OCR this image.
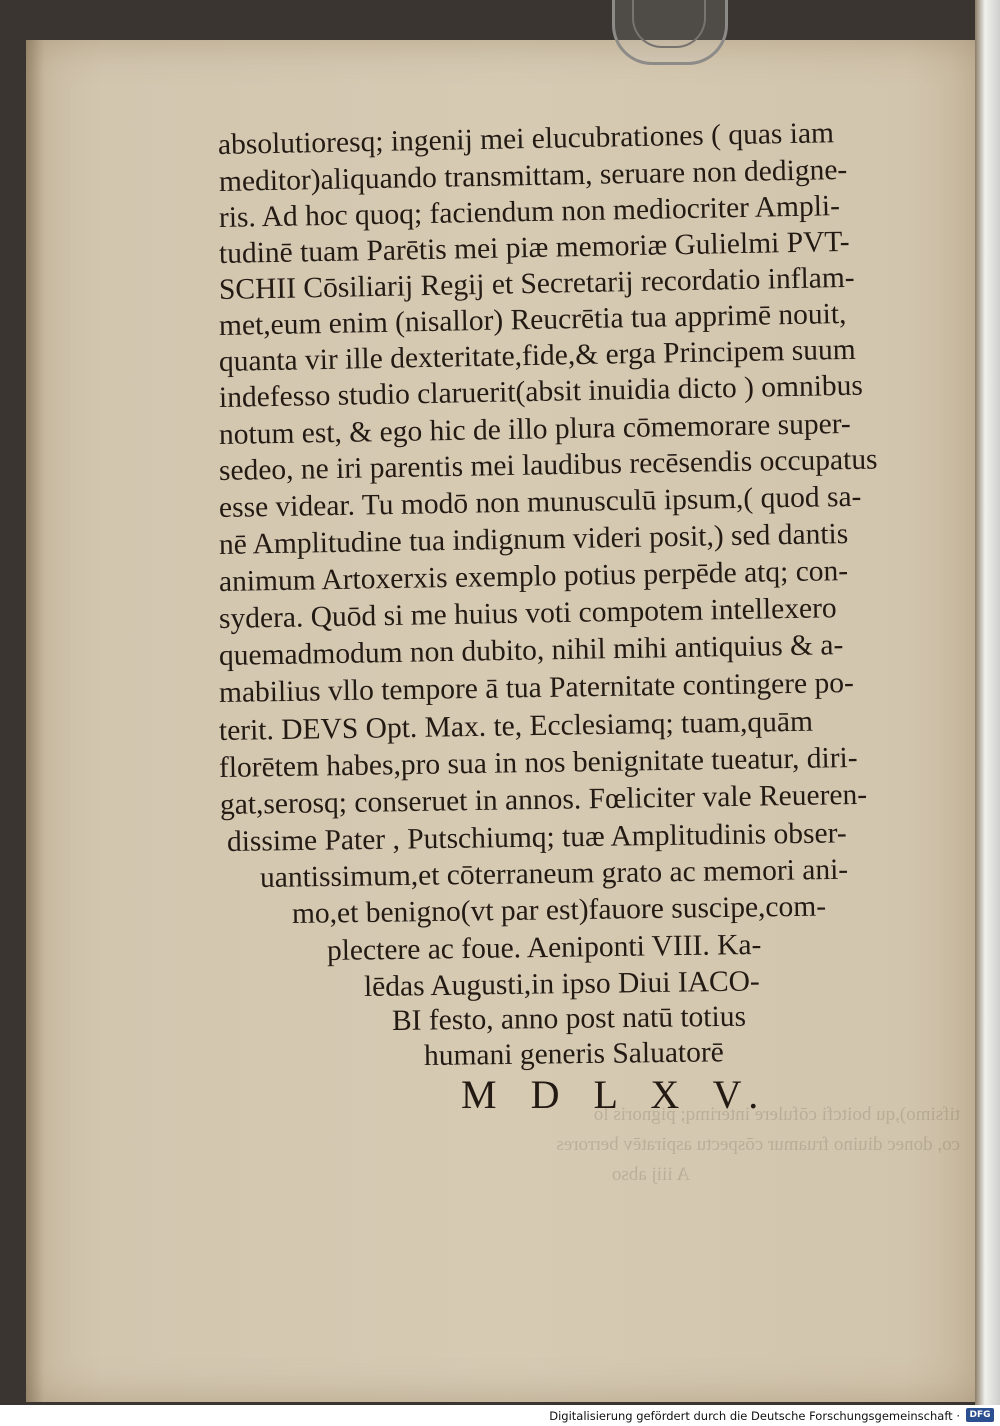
tifsimo),qu boitcfi cōfulere interimq; pignoris lo
co, donec diuino fruamur cōspectu aspiratēv berrores
A iiij abso
absolutioresq; ingenij mei elucubrationes ( quas iam
meditor)aliquando transmittam, seruare non dedigne-
ris. Ad hoc quoq; faciendum non mediocriter Ampli-
tudinē tuam Parētis mei piæ memoriæ Gulielmi PVT-
SCHII Cōsiliarij Regij et Secretarij recordatio inflam-
met,eum enim (nisallor) Reucrētia tua apprimē nouit,
quanta vir ille dexteritate,fide,& erga Principem suum
indefesso studio claruerit(absit inuidia dicto ) omnibus
notum est, & ego hic de illo plura cōmemorare super-
sedeo, ne iri parentis mei laudibus recēsendis occupatus
esse videar. Tu modō non munusculū ipsum,( quod sa-
nē Amplitudine tua indignum videri posit,) sed dantis
animum Artoxerxis exemplo potius perpēde atq; con-
sydera. Quōd si me huius voti compotem intellexero
quemadmodum non dubito, nihil mihi antiquius & a-
mabilius vllo tempore ā tua Paternitate contingere po-
terit. DEVS Opt. Max. te, Ecclesiamq; tuam,quām
florētem habes,pro sua in nos benignitate tueatur, diri-
gat,serosq; conseruet in annos. Fœliciter vale Reueren-
dissime Pater , Putschiumq; tuæ Amplitudinis obser-
uantissimum,et cōterraneum grato ac memori ani-
mo,et benigno(vt par est)fauore suscipe,com-
plectere ac foue. Aeniponti VIII. Ka-
lēdas Augusti,in ipso Diui IACO-
BI festo, anno post natū totius
humani generis Saluatorē
M D L X V.
Digitalisierung gefördert durch die Deutsche Forschungsgemeinschaft ·	DFG
